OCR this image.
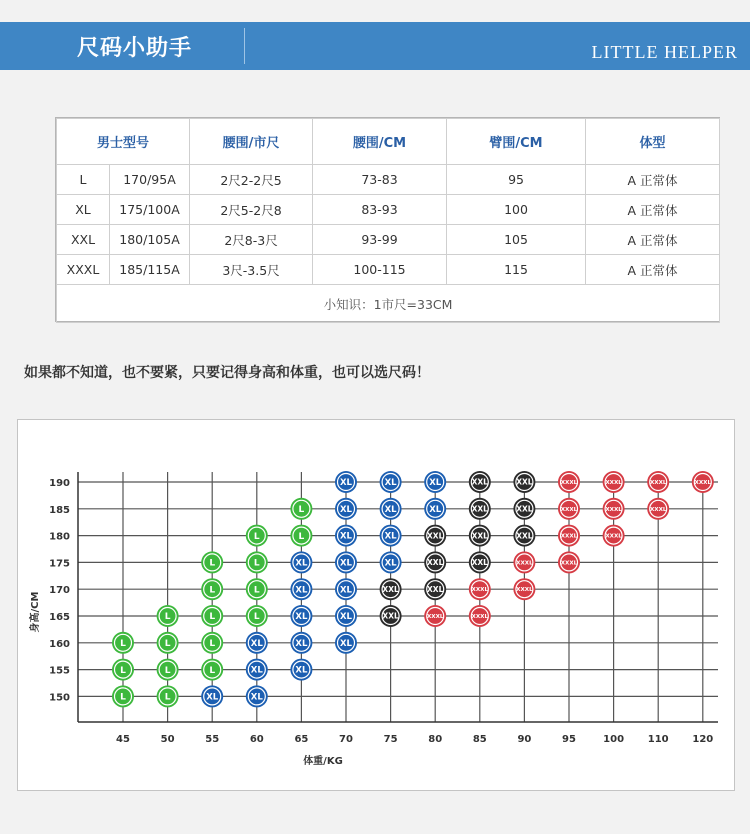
尺码小助手	LITTLE HELPER
男士型号		腰围/市尺	腰围/CM	臂围/CM	体型
L	170/95A	2尺2-2尺5	73-83	95	A 正常体
XL	175/100A	2尺5-2尺8	83-93	100	A 正常体
XXL	180/105A	2尺8-3尺	93-99	105	A 正常体
XXXL	185/115A	3尺-3.5尺	100-115	115	A 正常体
小知识：1市尺=33CM					
如果都不知道，也不要紧，只要记得身高和体重，也可以选尺码！
150
155
160
165
170
175
180
185
190
45	50	55	60	65	70	75	80	85	90	95	100 110 120
体重/KG
身高/CM
L
L
L
L
L
L
L
L
L
L
L
L
XL
L
L
L
L
XL
XL
XL
L
L
XL
XL
XL
XL
XL
XL
XL
XL
XL
XL
XL
XL
XL
XL
XL
XL
XXL
XXL
XL
XL
XXL
XXL
XXL
XXXL
XXL
XXL
XXL
XXL
XXXL
XXXL
XXL
XXL
XXL
XXXL
XXXL
XXXL
XXXL
XXXL
XXXL
XXXL
XXXL
XXXL
XXXL
XXXL
XXXL
